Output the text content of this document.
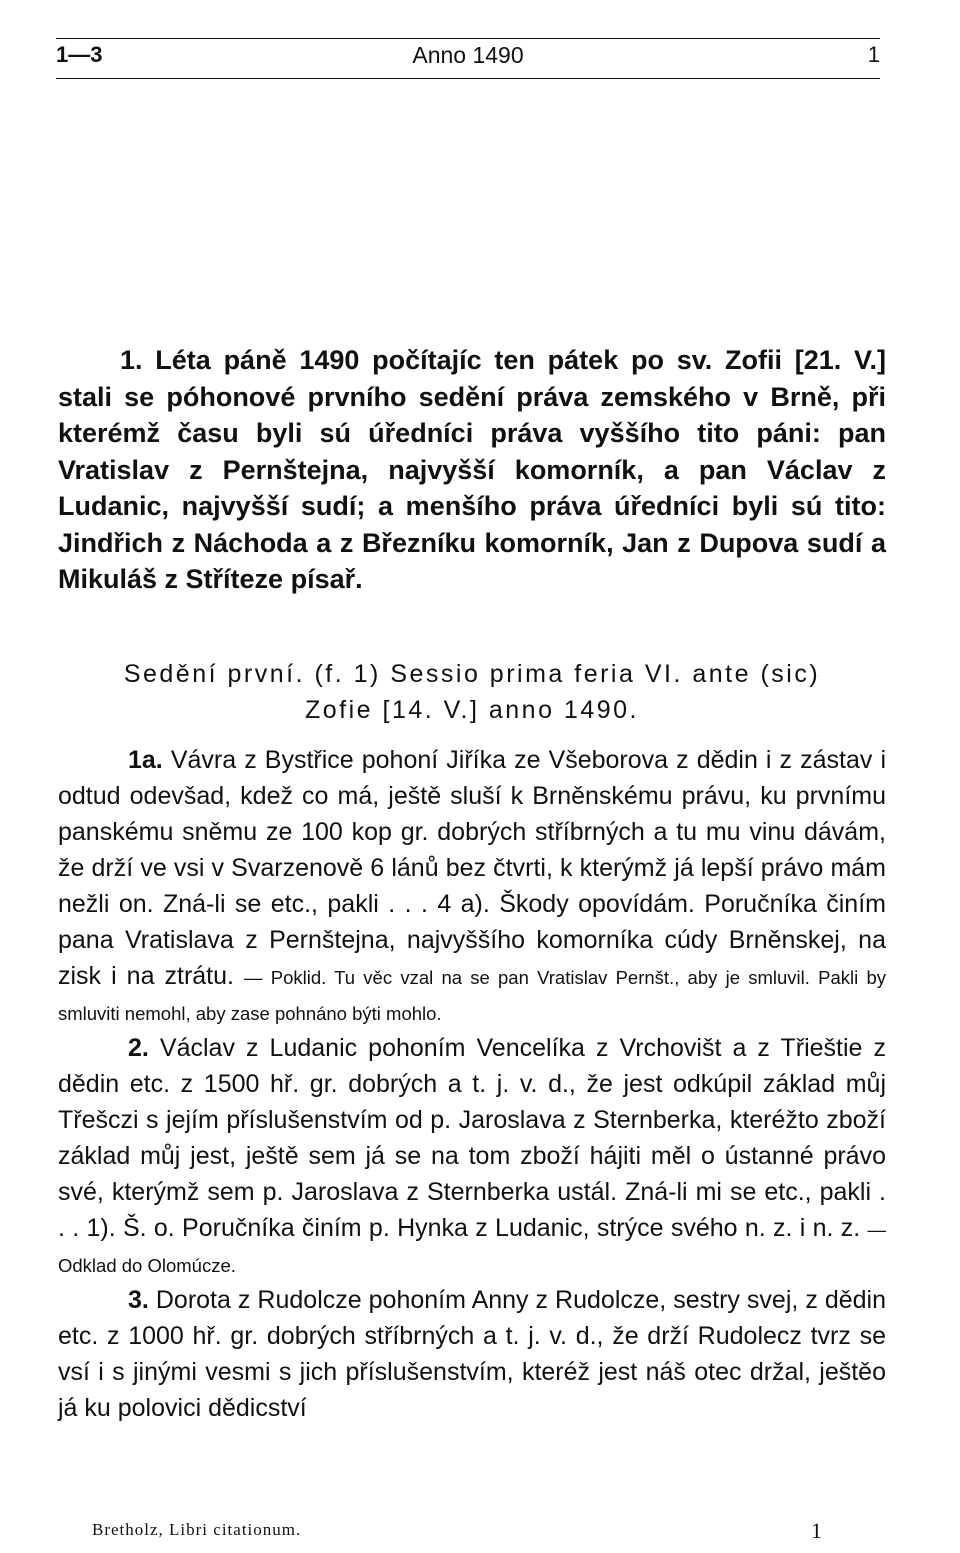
1—3	Anno 1490	1

1. Léta páně 1490 počítajíc ten pátek po sv. Zofii [21. V.] stali se póhonové prvního sedění práva zemského v Brně, při kterémž času byli sú úředníci práva vyššího tito páni: pan Vratislav z Pernštejna, najvyšší komorník, a pan Václav z Ludanic, najvyšší sudí; a menšího práva úředníci byli sú tito: Jindřich z Náchoda a z Březníku komorník, Jan z Dupova sudí a Mikuláš z Stříteze písař.

Sedění první. (f. 1) Sessio prima feria VI. ante (sic)
Zofie [14. V.] anno 1490.

1a. Vávra z Bystřice pohoní Jiříka ze Všeborova z dědin i z zástav i odtud odevšad, kdež co má, ještě sluší k Brněnskému právu, ku prvnímu panskému sněmu ze 100 kop gr. dobrých stříbrných a tu mu vinu dávám, že drží ve vsi v Svarzenově 6 lánů bez čtvrti, k kterýmž já lepší právo mám nežli on. Zná-li se etc., pakli . . . 4 a). Škody opovídám. Poručníka činím pana Vratislava z Pernštejna, najvyššího komorníka cúdy Brněnskej, na zisk i na ztrátu. — Poklid. Tu věc vzal na se pan Vratislav Pernšt., aby je smluvil. Pakli by smluviti nemohl, aby zase pohnáno býti mohlo.

2. Václav z Ludanic pohoním Vencelíka z Vrchovišt a z Třieštie z dědin etc. z 1500 hř. gr. dobrých a t. j. v. d., že jest odkúpil základ můj Třešczi s jejím příslušenstvím od p. Jaroslava z Sternberka, kteréžto zboží základ můj jest, ještě sem já se na tom zboží hájiti měl o ústanné právo své, kterýmž sem p. Jaroslava z Sternberka ustál. Zná-li mi se etc., pakli . . . 1). Š. o. Poručníka činím p. Hynka z Ludanic, strýce svého n. z. i n. z. — Odklad do Olomúcze.

3. Dorota z Rudolcze pohoním Anny z Rudolcze, sestry svej, z dědin etc. z 1000 hř. gr. dobrých stříbrných a t. j. v. d., že drží Rudolecz tvrz se vsí i s jinými vesmi s jich příslušenstvím, kteréž jest náš otec držal, ještěo já ku polovici dědicství

Bretholz, Libri citationum.	1
